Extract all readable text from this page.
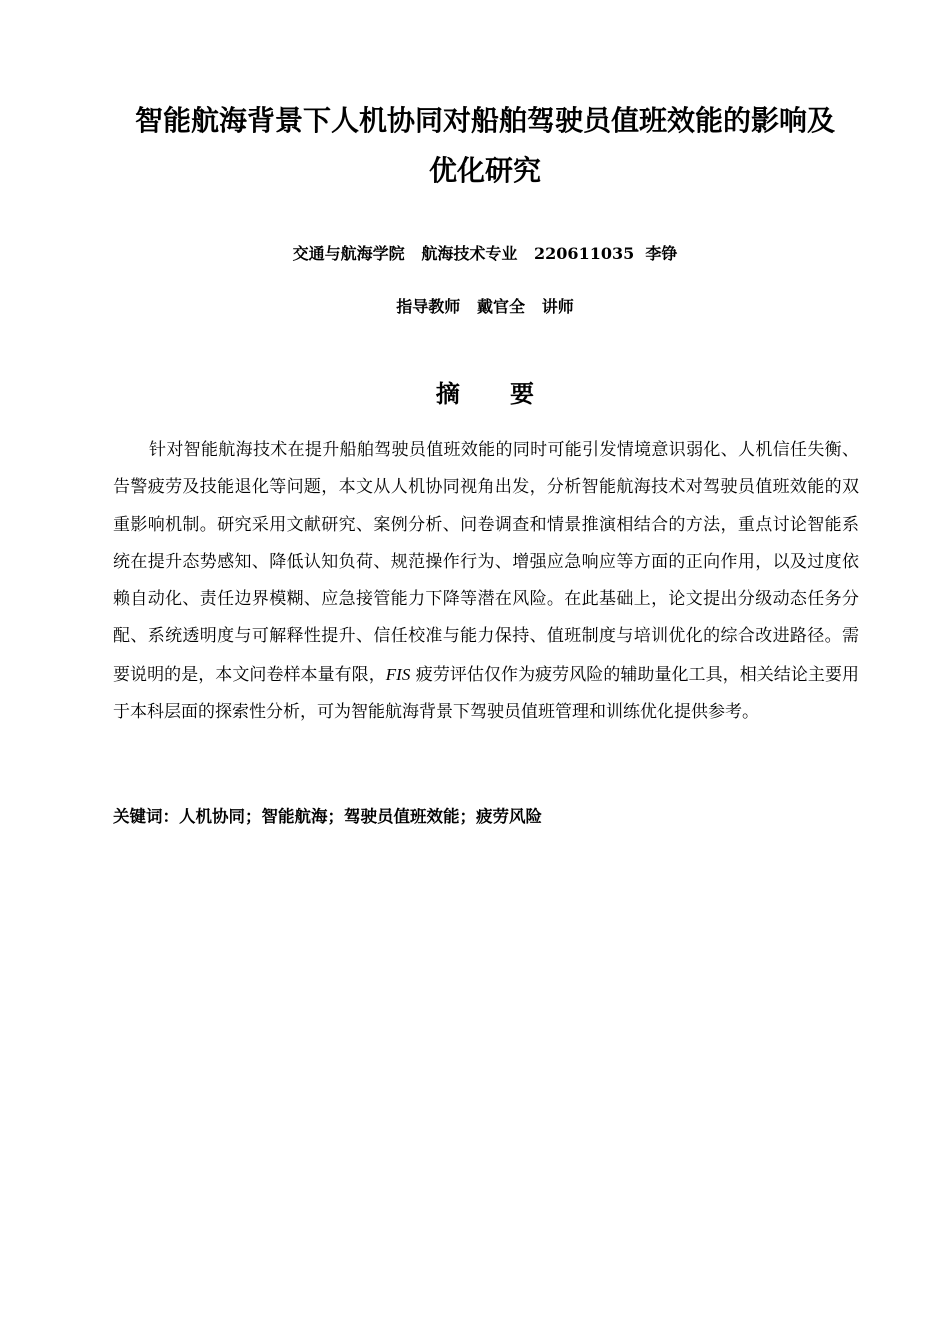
智能航海背景下人机协同对船舶驾驶员值班效能的影响及
优化研究
交通与航海学院   航海技术专业   220611035  李铮
指导教师   戴官全   讲师
摘      要
针对智能航海技术在提升船舶驾驶员值班效能的同时可能引发情境意识弱化、人机信任失衡、告警疲劳及技能退化等问题，本文从人机协同视角出发，分析智能航海技术对驾驶员值班效能的双重影响机制。研究采用文献研究、案例分析、问卷调查和情景推演相结合的方法，重点讨论智能系统在提升态势感知、降低认知负荷、规范操作行为、增强应急响应等方面的正向作用，以及过度依赖自动化、责任边界模糊、应急接管能力下降等潜在风险。在此基础上，论文提出分级动态任务分配、系统透明度与可解释性提升、信任校准与能力保持、值班制度与培训优化的综合改进路径。需要说明的是，本文问卷样本量有限，FIS 疲劳评估仅作为疲劳风险的辅助量化工具，相关结论主要用于本科层面的探索性分析，可为智能航海背景下驾驶员值班管理和训练优化提供参考。
关键词：人机协同；智能航海；驾驶员值班效能；疲劳风险
